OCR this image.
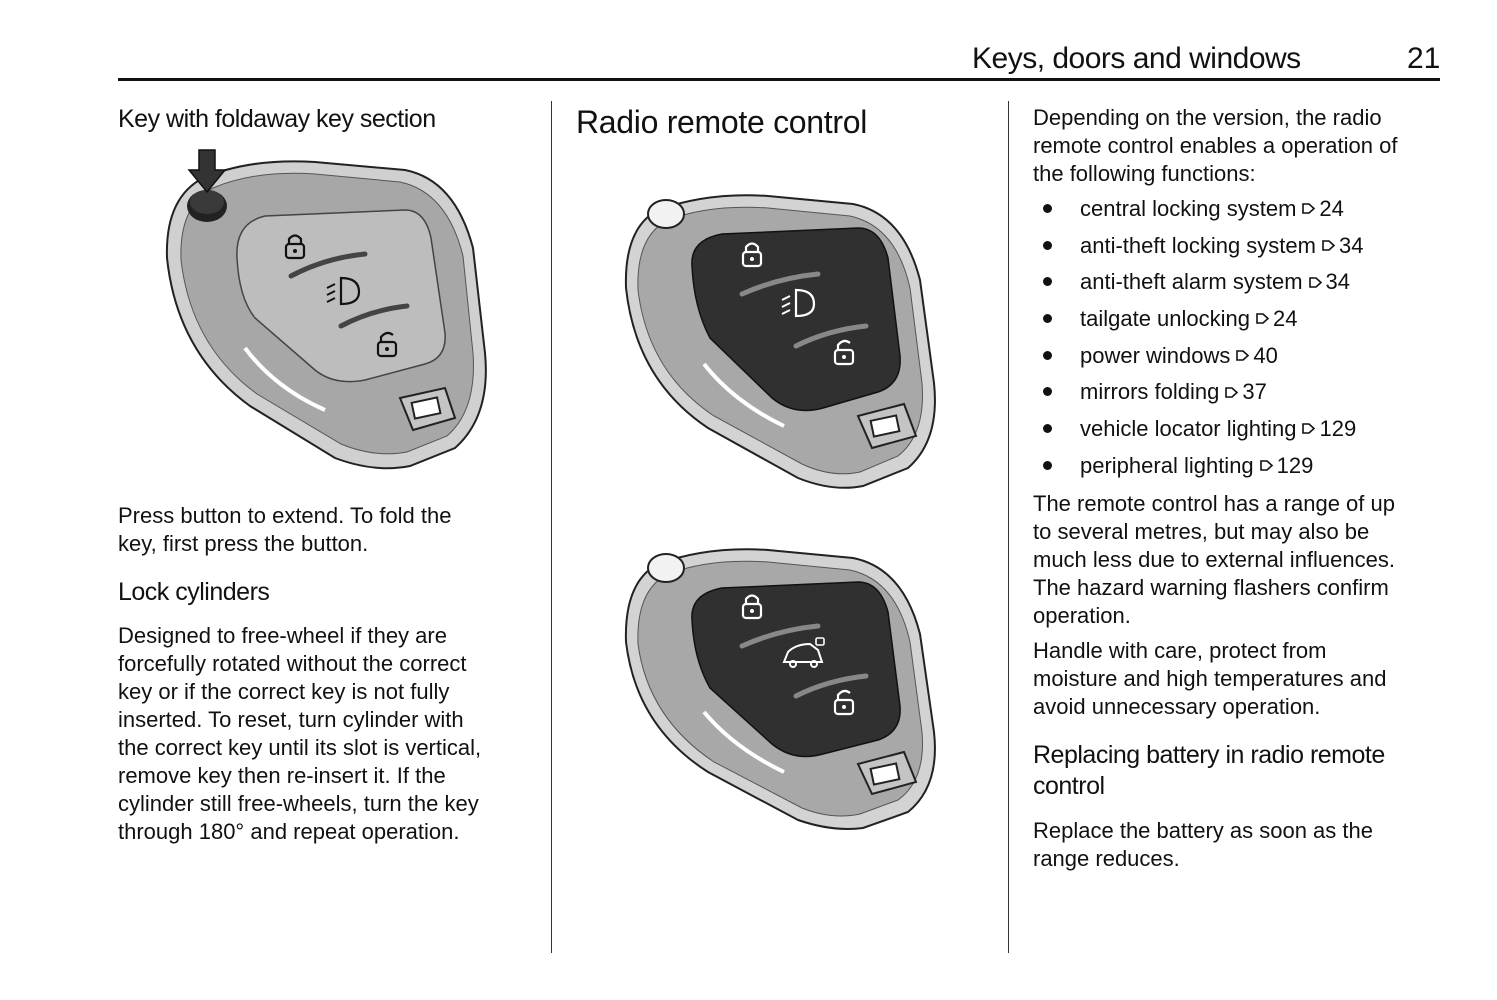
Keys, doors and windows	21
Key with foldaway key section
Press button to extend. To fold the
key, first press the button.
Lock cylinders
Designed to free-wheel if they are
forcefully rotated without the correct
key or if the correct key is not fully
inserted. To reset, turn cylinder with
the correct key until its slot is vertical,
remove key then re-insert it. If the
cylinder still free-wheels, turn the key
through 180° and repeat operation.
Radio remote control	Depending on the version, the radio
remote control enables a operation of
the following functions:
central locking system 24
anti-theft locking system 34
anti-theft alarm system 34
tailgate unlocking 24
power windows 40
mirrors folding 37
vehicle locator lighting 129
peripheral lighting 129
The remote control has a range of up
to several metres, but may also be
much less due to external influences.
The hazard warning flashers confirm
operation.
Handle with care, protect from
moisture and high temperatures and
avoid unnecessary operation.
Replacing battery in radio remote
control
Replace the battery as soon as the
range reduces.
